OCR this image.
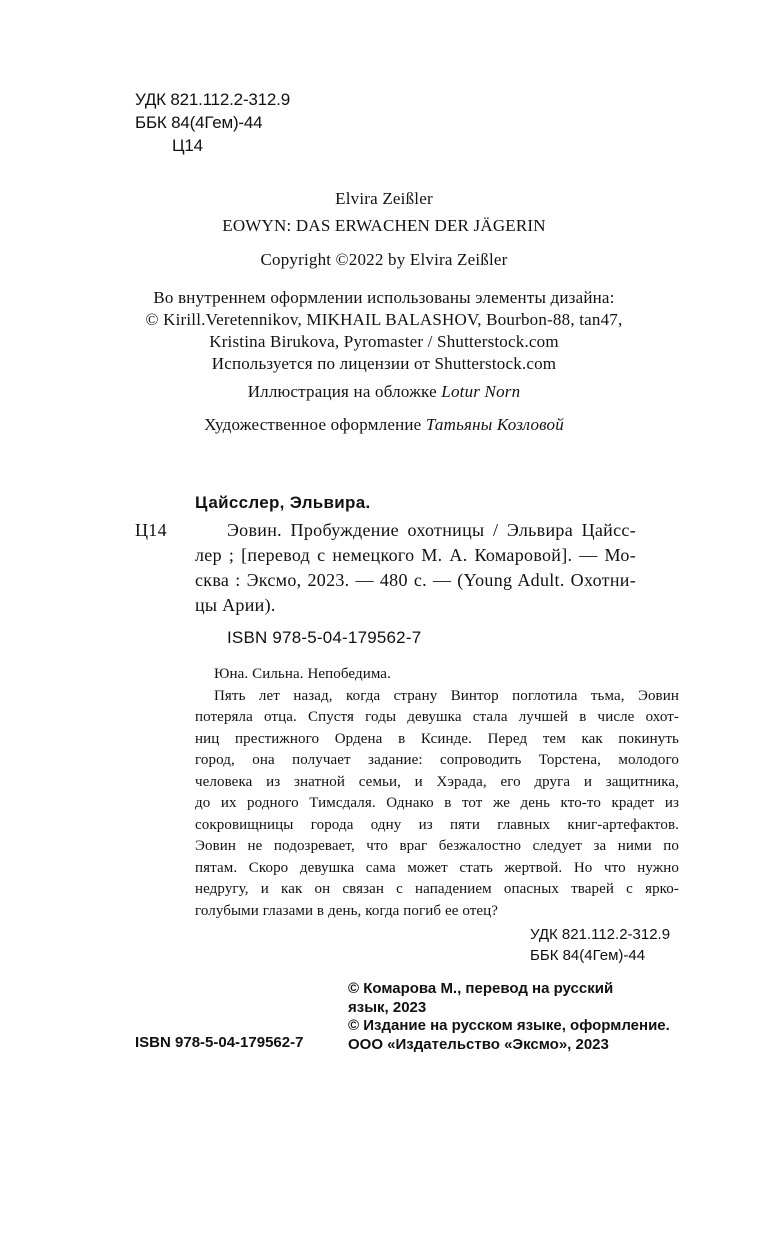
УДК 821.112.2-312.9
ББК 84(4Гем)-44
Ц14
Elvira Zeißler
EOWYN: DAS ERWACHEN DER JÄGERIN
Copyright ©2022 by Elvira Zeißler
Во внутреннем оформлении использованы элементы дизайна:
© Kirill.Veretennikov, MIKHAIL BALASHOV, Bourbon-88, tan47,
Kristina Birukova, Pyromaster / Shutterstock.com
Используется по лицензии от Shutterstock.com
Иллюстрация на обложке Lotur Norn
Художественное оформление Татьяны Козловой
Цайсслер, Эльвира.
Ц14	Эовин. Пробуждение охотницы / Эльвира Цайсс-
лер ; [перевод с немецкого М. А. Комаровой]. — Мо-
сква : Эксмо, 2023. — 480 с. — (Young Adult. Охотни-
цы Арии).
ISBN 978-5-04-179562-7
Юна. Сильна. Непобедима.
Пять лет назад, когда страну Винтор поглотила тьма, Эовин
потеряла отца. Спустя годы девушка стала лучшей в числе охот-
ниц престижного Ордена в Ксинде. Перед тем как покинуть
город, она получает задание: сопроводить Торстена, молодого
человека из знатной семьи, и Хэрада, его друга и защитника,
до их родного Тимсдаля. Однако в тот же день кто-то крадет из
сокровищницы города одну из пяти главных книг-артефактов.
Эовин не подозревает, что враг безжалостно следует за ними по
пятам. Скоро девушка сама может стать жертвой. Но что нужно
недругу, и как он связан с нападением опасных тварей с ярко-
голубыми глазами в день, когда погиб ее отец?
УДК 821.112.2-312.9
ББК 84(4Гем)-44
© Комарова М., перевод на русский язык, 2023
© Издание на русском языке, оформление.
ООО «Издательство «Эксмо», 2023
ISBN 978-5-04-179562-7
